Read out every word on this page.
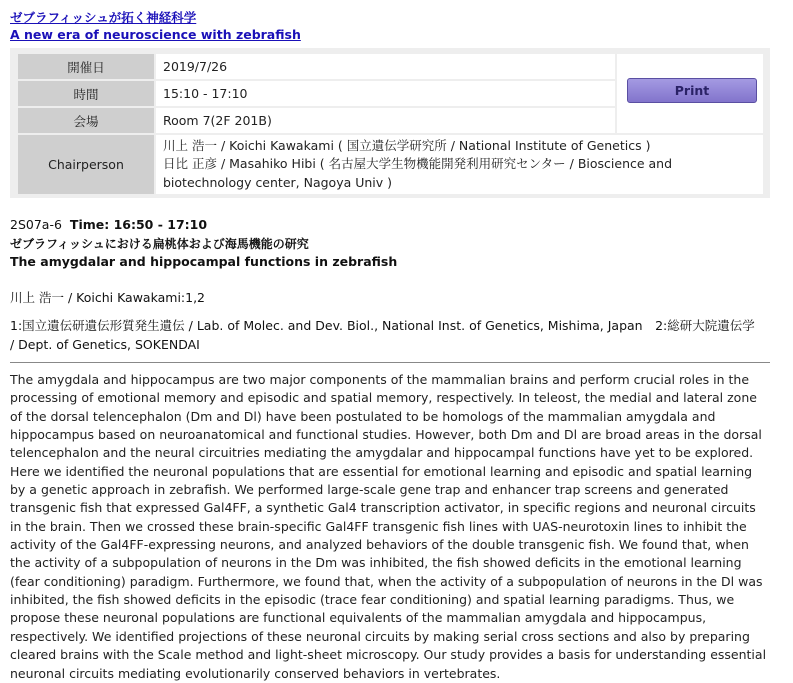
ゼブラフィッシュが拓く神経科学
A new era of neuroscience with zebrafish
開催日	2019/7/26	Print

時間	15:10 - 17:10	
会場	Room 7(2F 201B)	
Chairperson	川上 浩一 / Koichi Kawakami ( 国立遺伝学研究所 / National Institute of Genetics )
日比 正彦 / Masahiko Hibi ( 名古屋大学生物機能開発利用研究センター / Bioscience and biotechnology center, Nagoya Univ )	
2S07a-6 Time: 16:50 - 17:10
ゼブラフィッシュにおける扁桃体および海馬機能の研究
The amygdalar and hippocampal functions in zebrafish
川上 浩一 / Koichi Kawakami:1,2
1:国立遺伝研遺伝形質発生遺伝 / Lab. of Molec. and Dev. Biol., National Inst. of Genetics, Mishima, Japan　2:総研大院遺伝学 / Dept. of Genetics, SOKENDAI
The amygdala and hippocampus are two major components of the mammalian brains and perform crucial roles in the processing of emotional memory and episodic and spatial memory, respectively. In teleost, the medial and lateral zone of the dorsal telencephalon (Dm and Dl) have been postulated to be homologs of the mammalian amygdala and hippocampus based on neuroanatomical and functional studies. However, both Dm and Dl are broad areas in the dorsal telencephalon and the neural circuitries mediating the amygdalar and hippocampal functions have yet to be explored. Here we identified the neuronal populations that are essential for emotional learning and episodic and spatial learning by a genetic approach in zebrafish. We performed large-scale gene trap and enhancer trap screens and generated transgenic fish that expressed Gal4FF, a synthetic Gal4 transcription activator, in specific regions and neuronal circuits in the brain. Then we crossed these brain-specific Gal4FF transgenic fish lines with UAS-neurotoxin lines to inhibit the activity of the Gal4FF-expressing neurons, and analyzed behaviors of the double transgenic fish. We found that, when the activity of a subpopulation of neurons in the Dm was inhibited, the fish showed deficits in the emotional learning (fear conditioning) paradigm. Furthermore, we found that, when the activity of a subpopulation of neurons in the Dl was inhibited, the fish showed deficits in the episodic (trace fear conditioning) and spatial learning paradigms. Thus, we propose these neuronal populations are functional equivalents of the mammalian amygdala and hippocampus, respectively. We identified projections of these neuronal circuits by making serial cross sections and also by preparing cleared brains with the Scale method and light-sheet microscopy. Our study provides a basis for understanding essential neuronal circuits mediating evolutionarily conserved behaviors in vertebrates.
